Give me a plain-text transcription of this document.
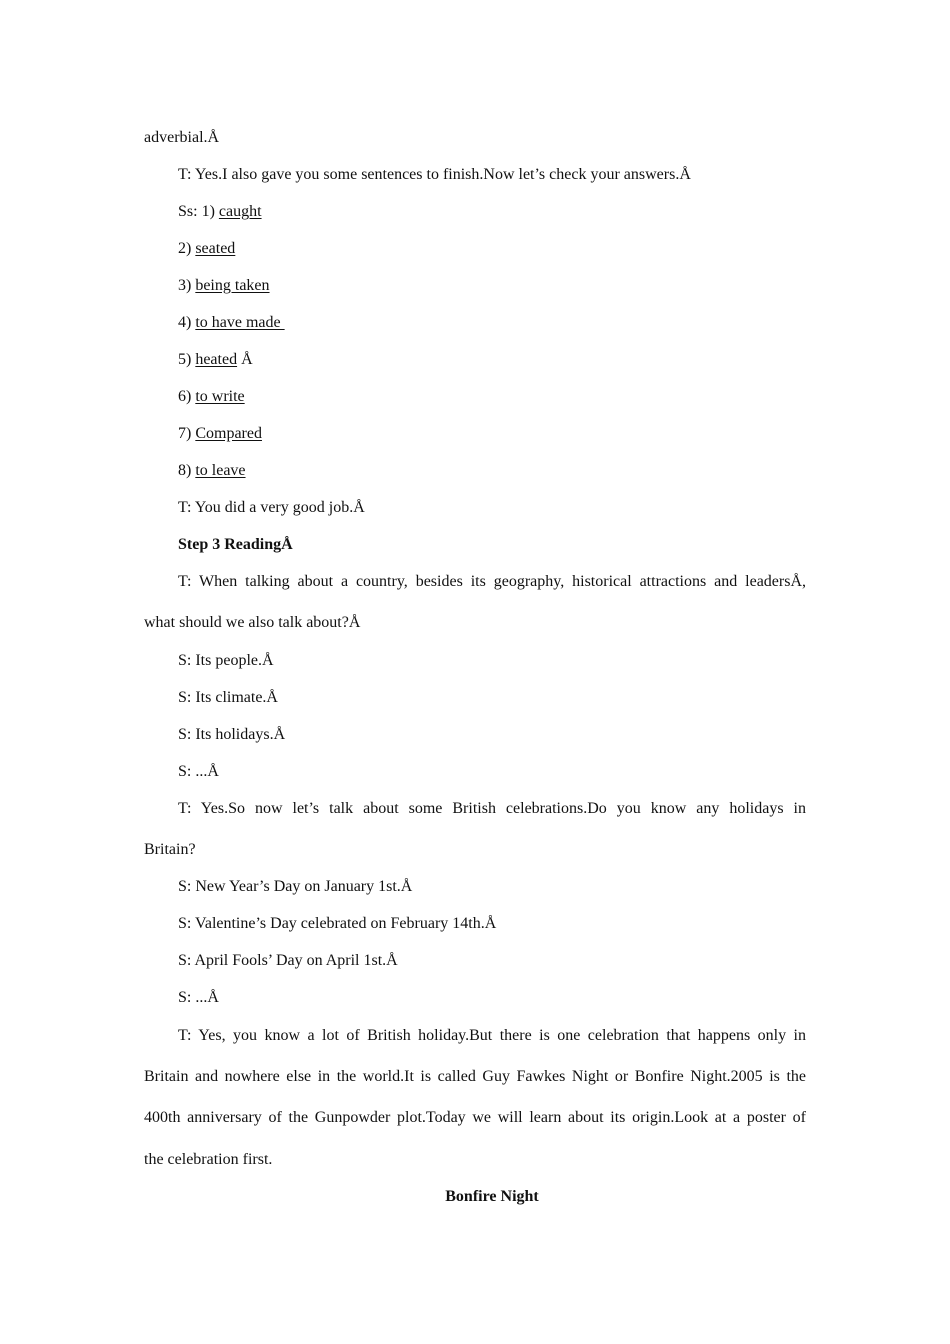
adverbial.Å
T: Yes.I also gave you some sentences to finish.Now let’s check your answers.Å
Ss: 1) caught
2) seated
3) being taken
4) to have made
5) heated Å
6) to write
7) Compared
8) to leave
T: You did a very good job.Å
Step 3 ReadingÅ
T: When talking about a country, besides its geography, historical attractions and leadersÅ,
what should we also talk about?Å
S: Its people.Å
S: Its climate.Å
S: Its holidays.Å
S: ...Å
T: Yes.So now let’s talk about some British celebrations.Do you know any holidays in
Britain?
S: New Year’s Day on January 1st.Å
S: Valentine’s Day celebrated on February 14th.Å
S: April Fools’ Day on April 1st.Å
S: ...Å
T: Yes, you know a lot of British holiday.But there is one celebration that happens only in
Britain and nowhere else in the world.It is called Guy Fawkes Night or Bonfire Night.2005 is the
400th anniversary of the Gunpowder plot.Today we will learn about its origin.Look at a poster of
the celebration first.
Bonfire Night
